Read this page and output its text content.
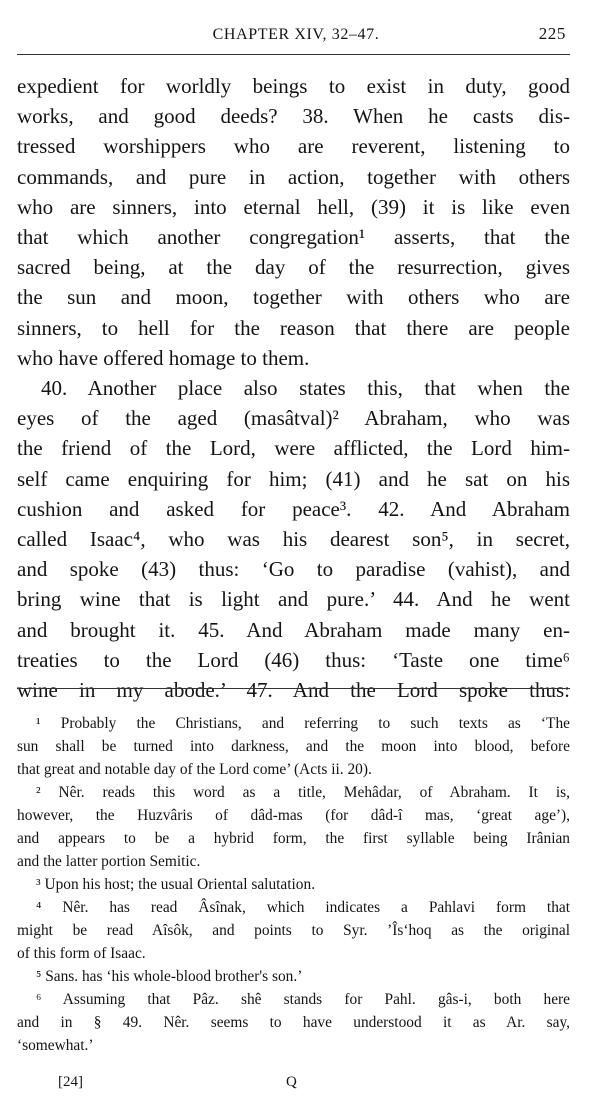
CHAPTER XIV, 32–47.	225
expedient for worldly beings to exist in duty, good
works, and good deeds? 38. When he casts dis-
tressed worshippers who are reverent, listening to
commands, and pure in action, together with others
who are sinners, into eternal hell, (39) it is like even
that which another congregation¹ asserts, that the
sacred being, at the day of the resurrection, gives
the sun and moon, together with others who are
sinners, to hell for the reason that there are people
who have offered homage to them.
40. Another place also states this, that when the
eyes of the aged (masâtval)² Abraham, who was
the friend of the Lord, were afflicted, the Lord him-
self came enquiring for him; (41) and he sat on his
cushion and asked for peace³. 42. And Abraham
called Isaac⁴, who was his dearest son⁵, in secret,
and spoke (43) thus: ‘Go to paradise (vahist), and
bring wine that is light and pure.’ 44. And he went
and brought it. 45. And Abraham made many en-
treaties to the Lord (46) thus: ‘Taste one time⁶
wine in my abode.’ 47. And the Lord spoke thus:
¹ Probably the Christians, and referring to such texts as ‘The
sun shall be turned into darkness, and the moon into blood, before
that great and notable day of the Lord come’ (Acts ii. 20).
² Nêr. reads this word as a title, Mehâdar, of Abraham. It is,
however, the Huzvâris of dâd-mas (for dâd-î mas, ‘great age’),
and appears to be a hybrid form, the first syllable being Irânian
and the latter portion Semitic.
³ Upon his host; the usual Oriental salutation.
⁴ Nêr. has read Âsînak, which indicates a Pahlavi form that
might be read Aîsôk, and points to Syr. ’Îs‘hoq as the original
of this form of Isaac.
⁵ Sans. has ‘his whole-blood brother's son.’
⁶ Assuming that Pâz. shê stands for Pahl. gâs-i, both here
and in § 49. Nêr. seems to have understood it as Ar. say,
‘somewhat.’
[24]	Q
